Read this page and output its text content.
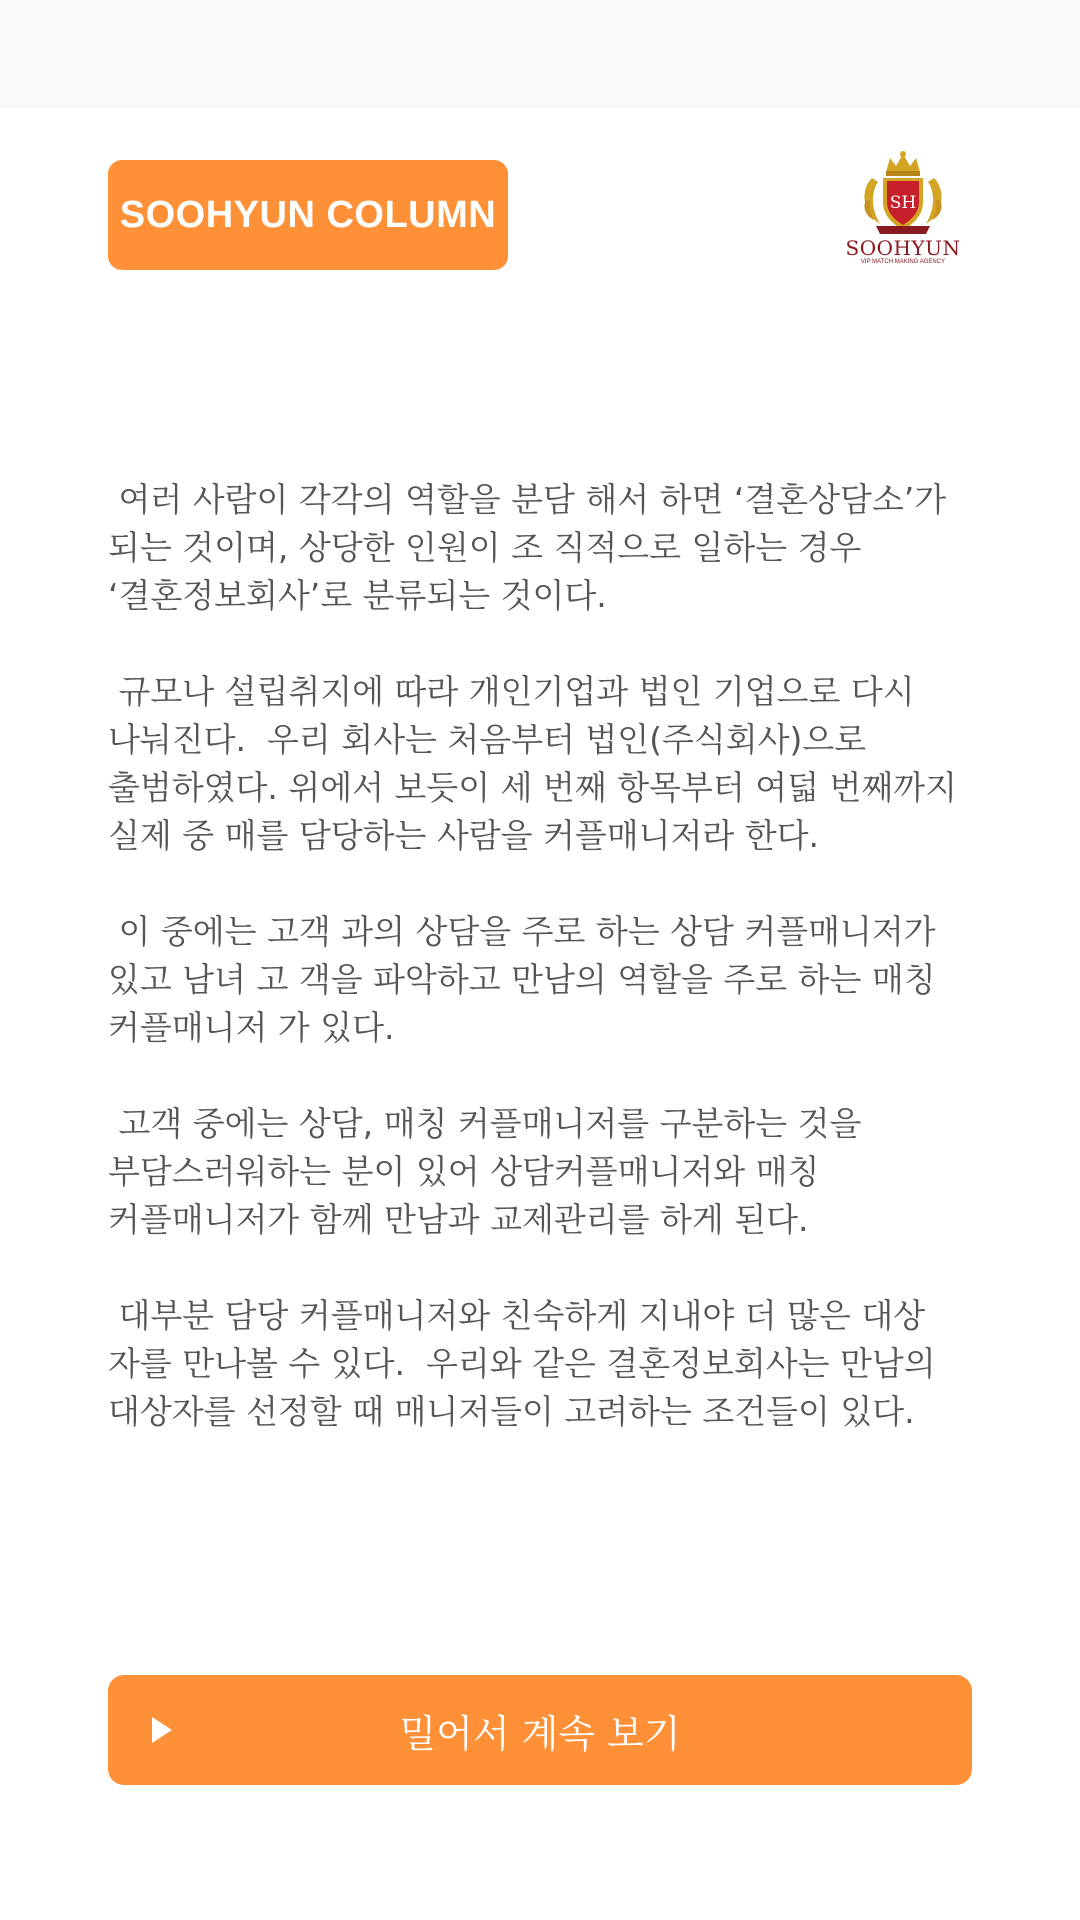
SOOHYUN COLUMN	SH
SOOHYUN
VIP MATCH MAKING AGENCY

여러 사람이 각각의 역할을 분담 해서 하면 ‘결혼상담소’가 되는 것이며, 상당한 인원이 조 직적으로 일하는 경우 ‘결혼정보회사’로 분류되는 것이다.

규모나 설립취지에 따라 개인기업과 법인 기업으로 다시 나눠진다.  우리 회사는 처음부터 법인(주식회사)으로 출범하였다. 위에서 보듯이 세 번째 항목부터 여덟 번째까지 실제 중 매를 담당하는 사람을 커플매니저라 한다.

이 중에는 고객 과의 상담을 주로 하는 상담 커플매니저가 있고 남녀 고 객을 파악하고 만남의 역할을 주로 하는 매칭 커플매니저 가 있다.

고객 중에는 상담, 매칭 커플매니저를 구분하는 것을 부담스러워하는 분이 있어 상담커플매니저와 매칭 커플매니저가 함께 만남과 교제관리를 하게 된다.

대부분 담당 커플매니저와 친숙하게 지내야 더 많은 대상 자를 만나볼 수 있다.  우리와 같은 결혼정보회사는 만남의 대상자를 선정할 때 매니저들이 고려하는 조건들이 있다.

밀어서 계속 보기
